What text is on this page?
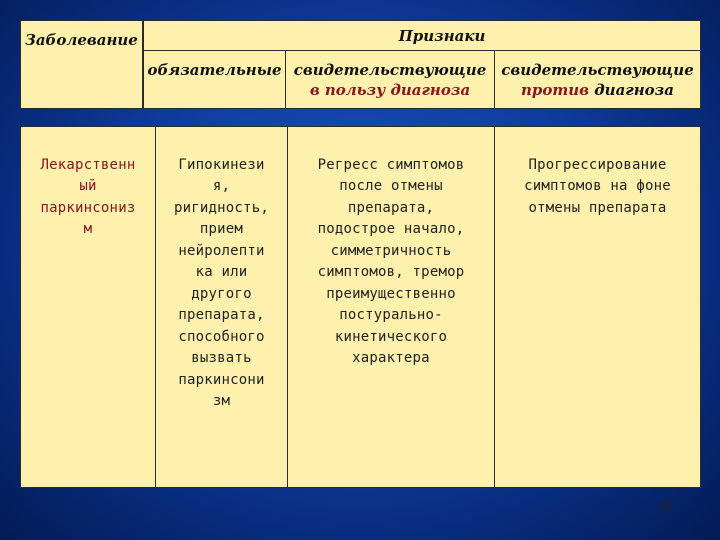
Заболевание	Признаки
обязательные свидетельствующие
в пользу диагноза
свидетельствующие
против диагноза

Лекарственн
ый
паркинсониз
м

Гипокинези
я,
ригидность,
прием
нейролепти
ка или
другого
препарата,
способного
вызвать
паркинсони
зм

Регресс симптомов
после отмены
препарата,
подострое начало,
симметричность
симптомов, тремор
преимущественно
постурально-
кинетического
характера

Прогрессирование
симптомов на фоне
отмены препарата

46
